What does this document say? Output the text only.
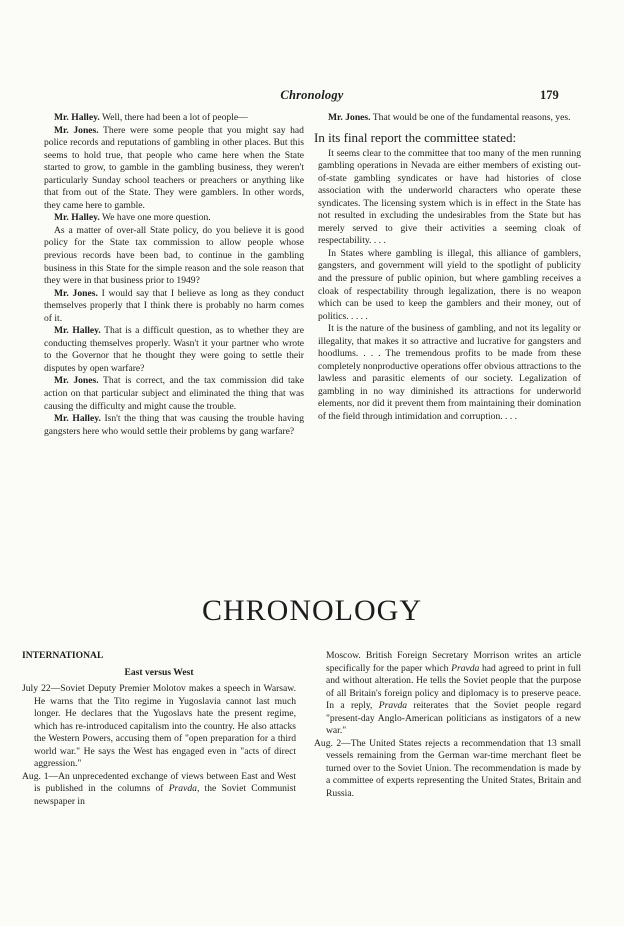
Chronology	179

Mr. Halley. Well, there had been a lot of people—

Mr. Jones. There were some people that you might say had police records and reputations of gambling in other places. But this seems to hold true, that people who came here when the State started to grow, to gamble in the gambling business, they weren't particularly Sunday school teachers or preachers or anything like that from out of the State. They were gamblers. In other words, they came here to gamble.

Mr. Halley. We have one more question.

As a matter of over-all State policy, do you believe it is good policy for the State tax commission to allow people whose previous records have been bad, to continue in the gambling business in this State for the simple reason and the sole reason that they were in that business prior to 1949?

Mr. Jones. I would say that I believe as long as they conduct themselves properly that I think there is probably no harm comes of it.

Mr. Halley. That is a difficult question, as to whether they are conducting themselves properly. Wasn't it your partner who wrote to the Governor that he thought they were going to settle their disputes by open warfare?

Mr. Jones. That is correct, and the tax commission did take action on that particular subject and eliminated the thing that was causing the difficulty and might cause the trouble.

Mr. Halley. Isn't the thing that was causing the trouble having gangsters here who would settle their problems by gang warfare?

Mr. Jones. That would be one of the fundamental reasons, yes.

In its final report the committee stated:

It seems clear to the committee that too many of the men running gambling operations in Nevada are either members of existing out-of-state gambling syndicates or have had histories of close association with the underworld characters who operate these syndicates. The licensing system which is in effect in the State has not resulted in excluding the undesirables from the State but has merely served to give their activities a seeming cloak of respectability. . . .

In States where gambling is illegal, this alliance of gamblers, gangsters, and government will yield to the spotlight of publicity and the pressure of public opinion, but where gambling receives a cloak of respectability through legalization, there is no weapon which can be used to keep the gamblers and their money, out of politics. . . . .

It is the nature of the business of gambling, and not its legality or illegality, that makes it so attractive and lucrative for gangsters and hoodlums. . . . The tremendous profits to be made from these completely nonproductive operations offer obvious attractions to the lawless and parasitic elements of our society. Legalization of gambling in no way diminished its attractions for underworld elements, nor did it prevent them from maintaining their domination of the field through intimidation and corruption. . . .

CHRONOLOGY

INTERNATIONAL

East versus West

July 22—Soviet Deputy Premier Molotov makes a speech in Warsaw. He warns that the Tito regime in Yugoslavia cannot last much longer. He declares that the Yugoslavs hate the present regime, which has re-introduced capitalism into the country. He also attacks the Western Powers, accusing them of "open preparation for a third world war." He says the West has engaged even in "acts of direct aggression."

Aug. 1—An unprecedented exchange of views between East and West is published in the columns of Pravda, the Soviet Communist newspaper in

Moscow. British Foreign Secretary Morrison writes an article specifically for the paper which Pravda had agreed to print in full and without alteration. He tells the Soviet people that the purpose of all Britain's foreign policy and diplomacy is to preserve peace. In a reply, Pravda reiterates that the Soviet people regard "present-day Anglo-American politicians as instigators of a new war."

Aug. 2—The United States rejects a recommendation that 13 small vessels remaining from the German war-time merchant fleet be turned over to the Soviet Union. The recommendation is made by a committee of experts representing the United States, Britain and Russia.
